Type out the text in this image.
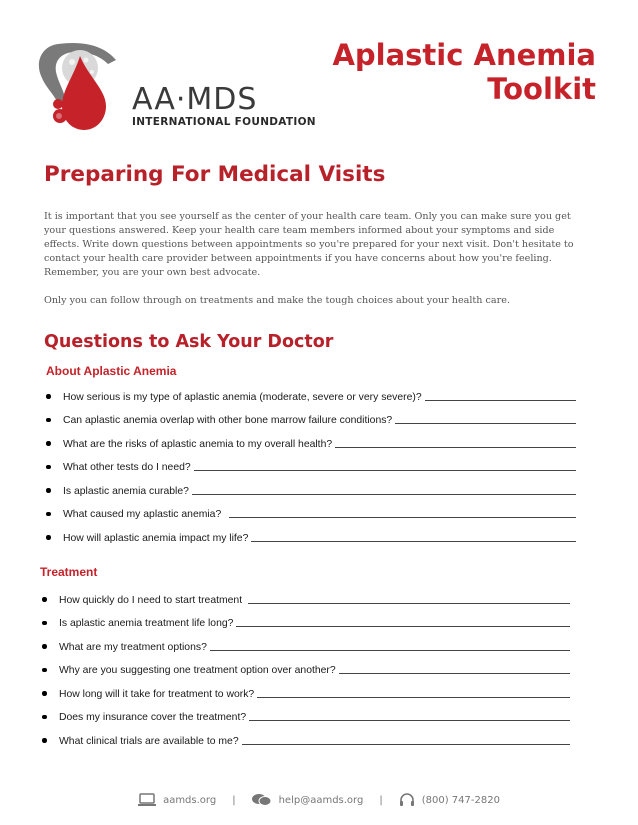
AA·MDS
INTERNATIONAL FOUNDATION
Aplastic Anemia
Toolkit
Preparing For Medical Visits

It is important that you see yourself as the center of your health care team. Only you can make sure you get your questions answered. Keep your health care team members informed about your symptoms and side effects. Write down questions between appointments so you're prepared for your next visit. Don't hesitate to contact your health care provider between appointments if you have concerns about how you're feeling. Remember, you are your own best advocate.

Only you can follow through on treatments and make the tough choices about your health care.

Questions to Ask Your Doctor
About Aplastic Anemia
How serious is my type of aplastic anemia (moderate, severe or very severe)?
Can aplastic anemia overlap with other bone marrow failure conditions?
What are the risks of aplastic anemia to my overall health?
What other tests do I need?
Is aplastic anemia curable?
What caused my aplastic anemia?
How will aplastic anemia impact my life?
Treatment
How quickly do I need to start treatment
Is aplastic anemia treatment life long?
What are my treatment options?
Why are you suggesting one treatment option over another?
How long will it take for treatment to work?
Does my insurance cover the treatment?
What clinical trials are available to me?
aamds.org |	help@aamds.org |	(800) 747-2820
